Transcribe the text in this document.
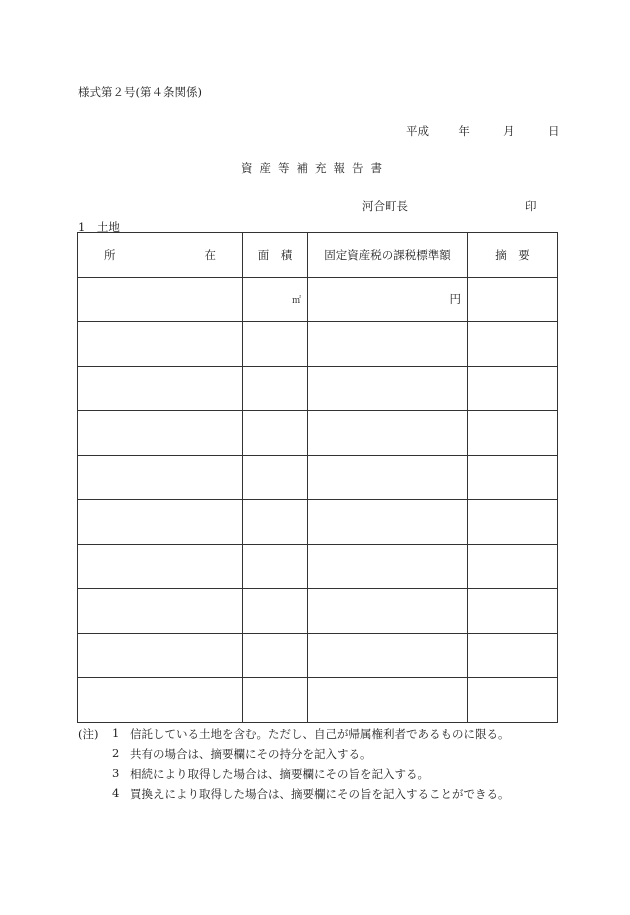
様式第２号(第４条関係)
平成	年	月	日
資産等補充報告書
河合町長	印
1　土地
所 在	面　積	固定資産税の課税標準額	摘　要
	㎡	円	

(注)	1 信託している土地を含む。ただし、自己が帰属権利者であるものに限る。
2 共有の場合は、摘要欄にその持分を記入する。
3 相続により取得した場合は、摘要欄にその旨を記入する。
4 買換えにより取得した場合は、摘要欄にその旨を記入することができる。
